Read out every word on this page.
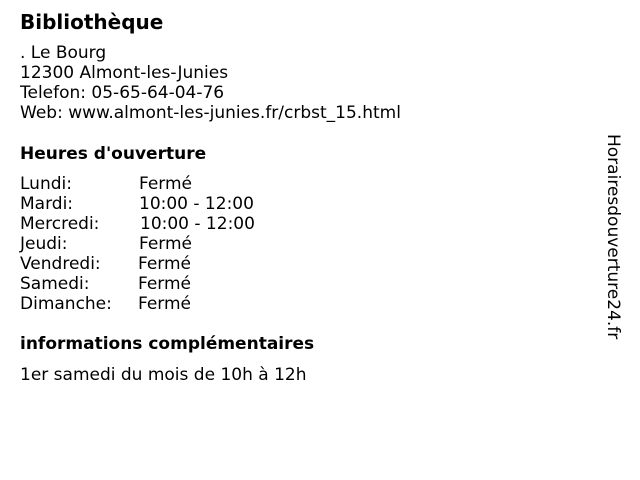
Bibliothèque
. Le Bourg
12300 Almont-les-Junies
Telefon: 05-65-64-04-76
Web: www.almont-les-junies.fr/crbst_15.html
Heures d'ouverture
Lundi:	Fermé
Mardi:	10:00 - 12:00
Mercredi: 10:00 - 12:00
Jeudi:	Fermé
Vendredi: Fermé
Samedi:	Fermé
Dimanche: Fermé
informations complémentaires
1er samedi du mois de 10h à 12h
Horairesdouverture24.fr
